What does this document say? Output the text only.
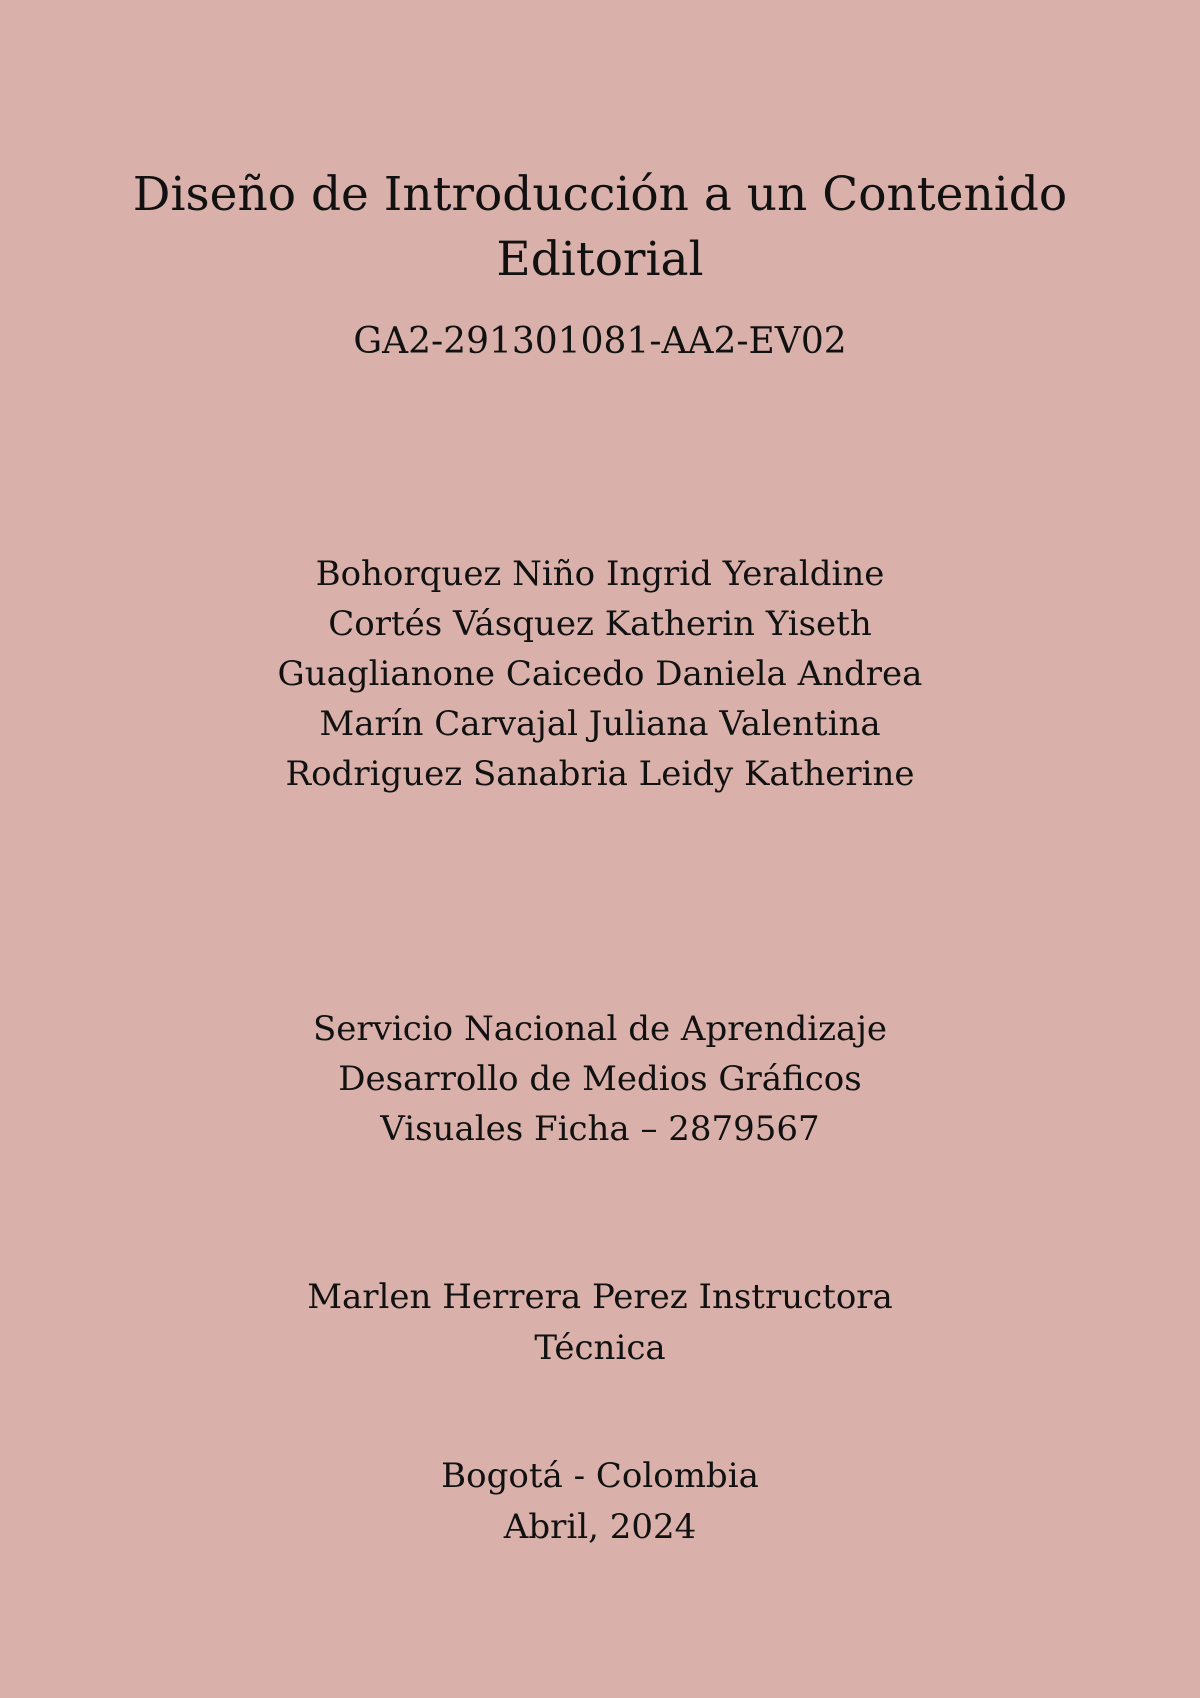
Diseño de Introducción a un Contenido
Editorial
GA2-291301081-AA2-EV02
Bohorquez Niño Ingrid Yeraldine
Cortés Vásquez Katherin Yiseth
Guaglianone Caicedo Daniela Andrea
Marín Carvajal Juliana Valentina
Rodriguez Sanabria Leidy Katherine
Servicio Nacional de Aprendizaje
Desarrollo de Medios Gráficos
Visuales Ficha – 2879567
Marlen Herrera Perez Instructora
Técnica
Bogotá - Colombia
Abril, 2024
